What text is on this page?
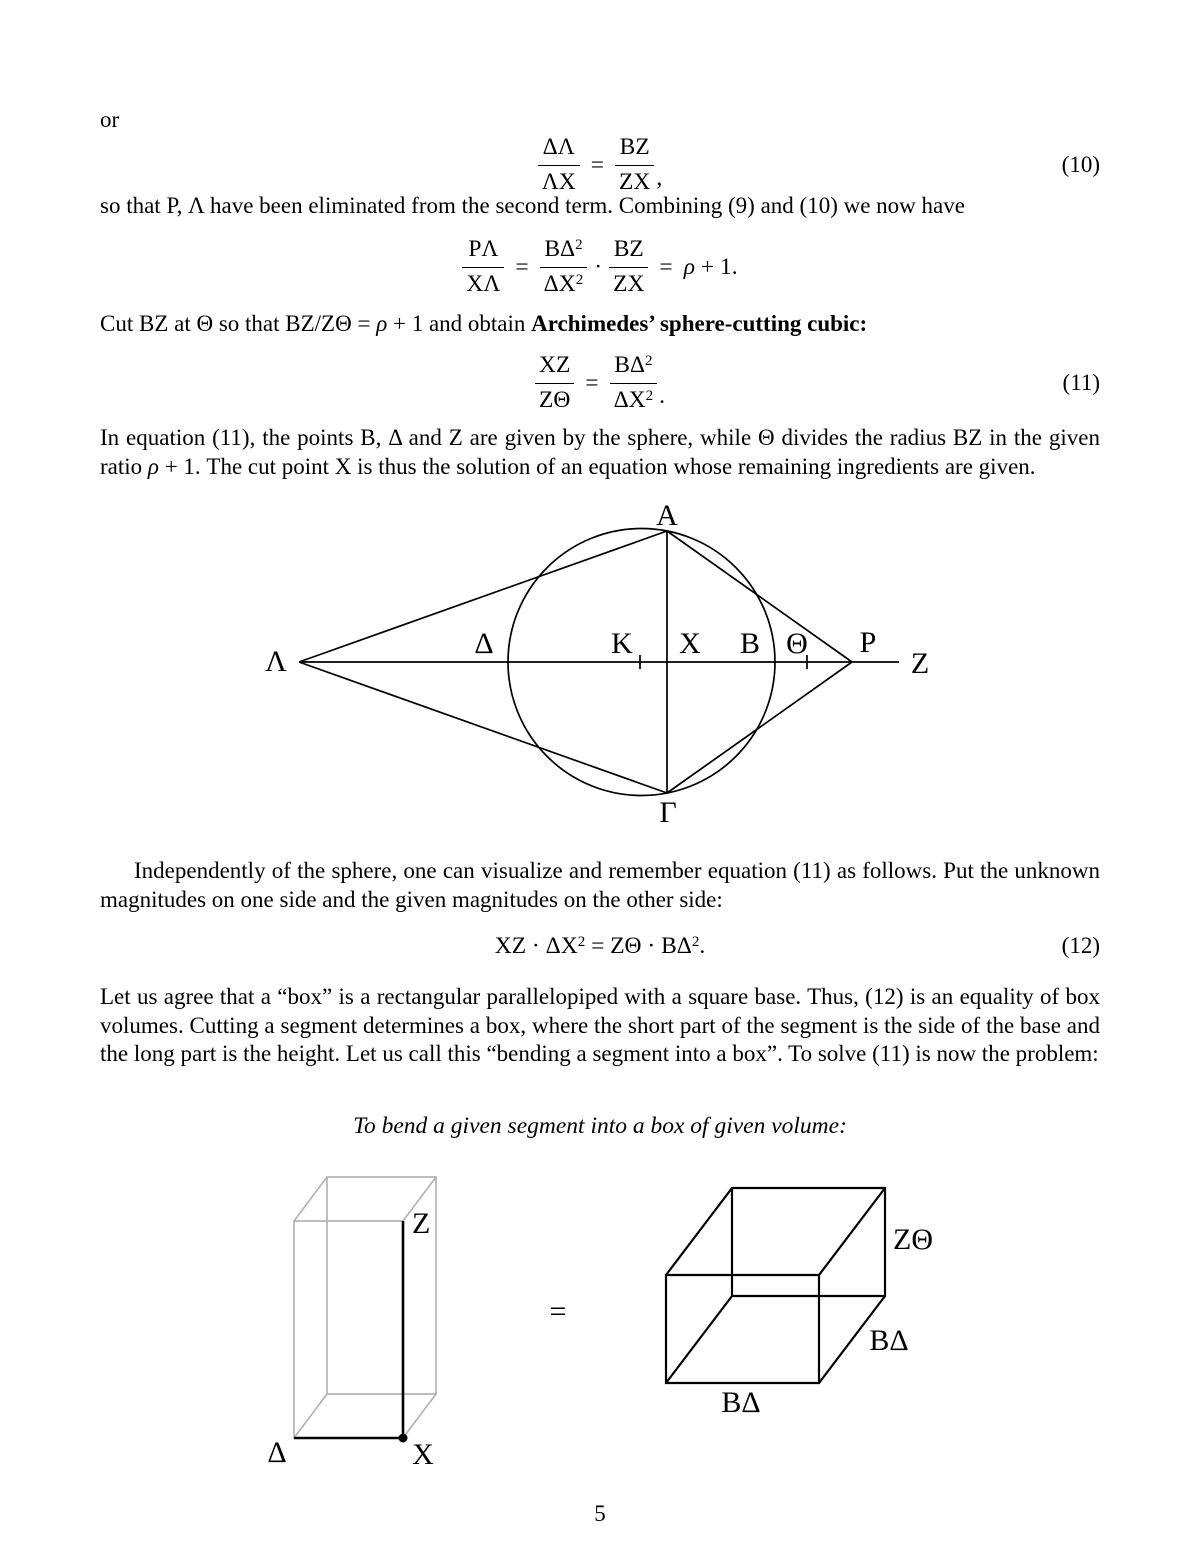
or
$\frac{\Delta\Lambda}{\Lambda X} = \frac{BZ}{ZX}$ ,	(10)
so that P, Λ have been eliminated from the second term. Combining (9) and (10) we now have
$\frac{P\Lambda}{X\Lambda} = \frac{B\Delta^2}{\Delta X^2} \cdot \frac{BZ}{ZX} = \rho + 1$.
Cut BZ at Θ so that BZ/ZΘ = ρ + 1 and obtain Archimedes’ sphere-cutting cubic:
$\frac{XZ}{Z\Theta} = \frac{B\Delta^2}{\Delta X^2}$ .	(11)
In equation (11), the points B, Δ and Z are given by the sphere, while Θ divides the radius BZ in the given ratio ρ + 1. The cut point X is thus the solution of an equation whose remaining ingredients are given.
A
Λ
Δ	K X B Θ P
Z
Γ
Independently of the sphere, one can visualize and remember equation (11) as follows. Put the unknown magnitudes on one side and the given magnitudes on the other side:
XZ · $\Delta X^2 = Z\Theta \cdot B\Delta^2$.	(12)
Let us agree that a “box” is a rectangular parallelopiped with a square base. Thus, (12) is an equality of box volumes. Cutting a segment determines a box, where the short part of the segment is the side of the base and the long part is the height. Let us call this “bending a segment into a box”. To solve (11) is now the problem:
To bend a given segment into a box of given volume:
Z
Δ	X
=
ZΘ
BΔ
BΔ
5
